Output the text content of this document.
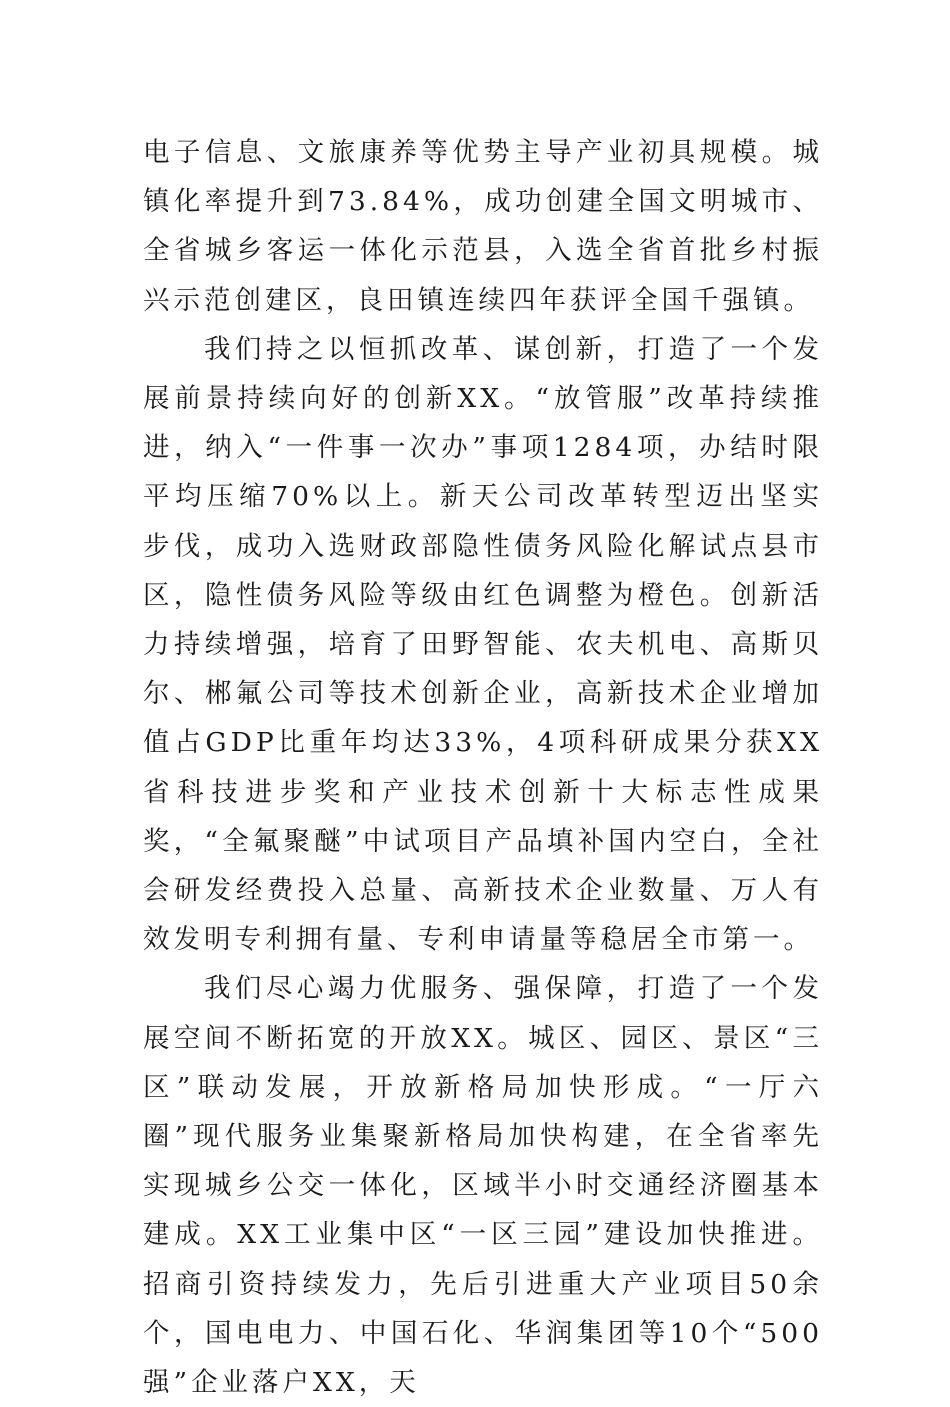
电子信息、文旅康养等优势主导产业初具规模。城镇化率提升到73.84%，成功创建全国文明城市、全省城乡客运一体化示范县，入选全省首批乡村振兴示范创建区，良田镇连续四年获评全国千强镇。

我们持之以恒抓改革、谋创新，打造了一个发展前景持续向好的创新XX。“放管服”改革持续推进，纳入“一件事一次办”事项1284项，办结时限平均压缩70%以上。新天公司改革转型迈出坚实步伐，成功入选财政部隐性债务风险化解试点县市区，隐性债务风险等级由红色调整为橙色。创新活力持续增强，培育了田野智能、农夫机电、高斯贝尔、郴氟公司等技术创新企业，高新技术企业增加值占GDP比重年均达33%，4项科研成果分获XX省科技进步奖和产业技术创新十大标志性成果奖，“全氟聚醚”中试项目产品填补国内空白，全社会研发经费投入总量、高新技术企业数量、万人有效发明专利拥有量、专利申请量等稳居全市第一。

我们尽心竭力优服务、强保障，打造了一个发展空间不断拓宽的开放XX。城区、园区、景区“三区”联动发展，开放新格局加快形成。“一厅六圈”现代服务业集聚新格局加快构建，在全省率先实现城乡公交一体化，区域半小时交通经济圈基本建成。XX工业集中区“一区三园”建设加快推进。招商引资持续发力，先后引进重大产业项目50余个，国电电力、中国石化、华润集团等10个“500强”企业落户XX，天
